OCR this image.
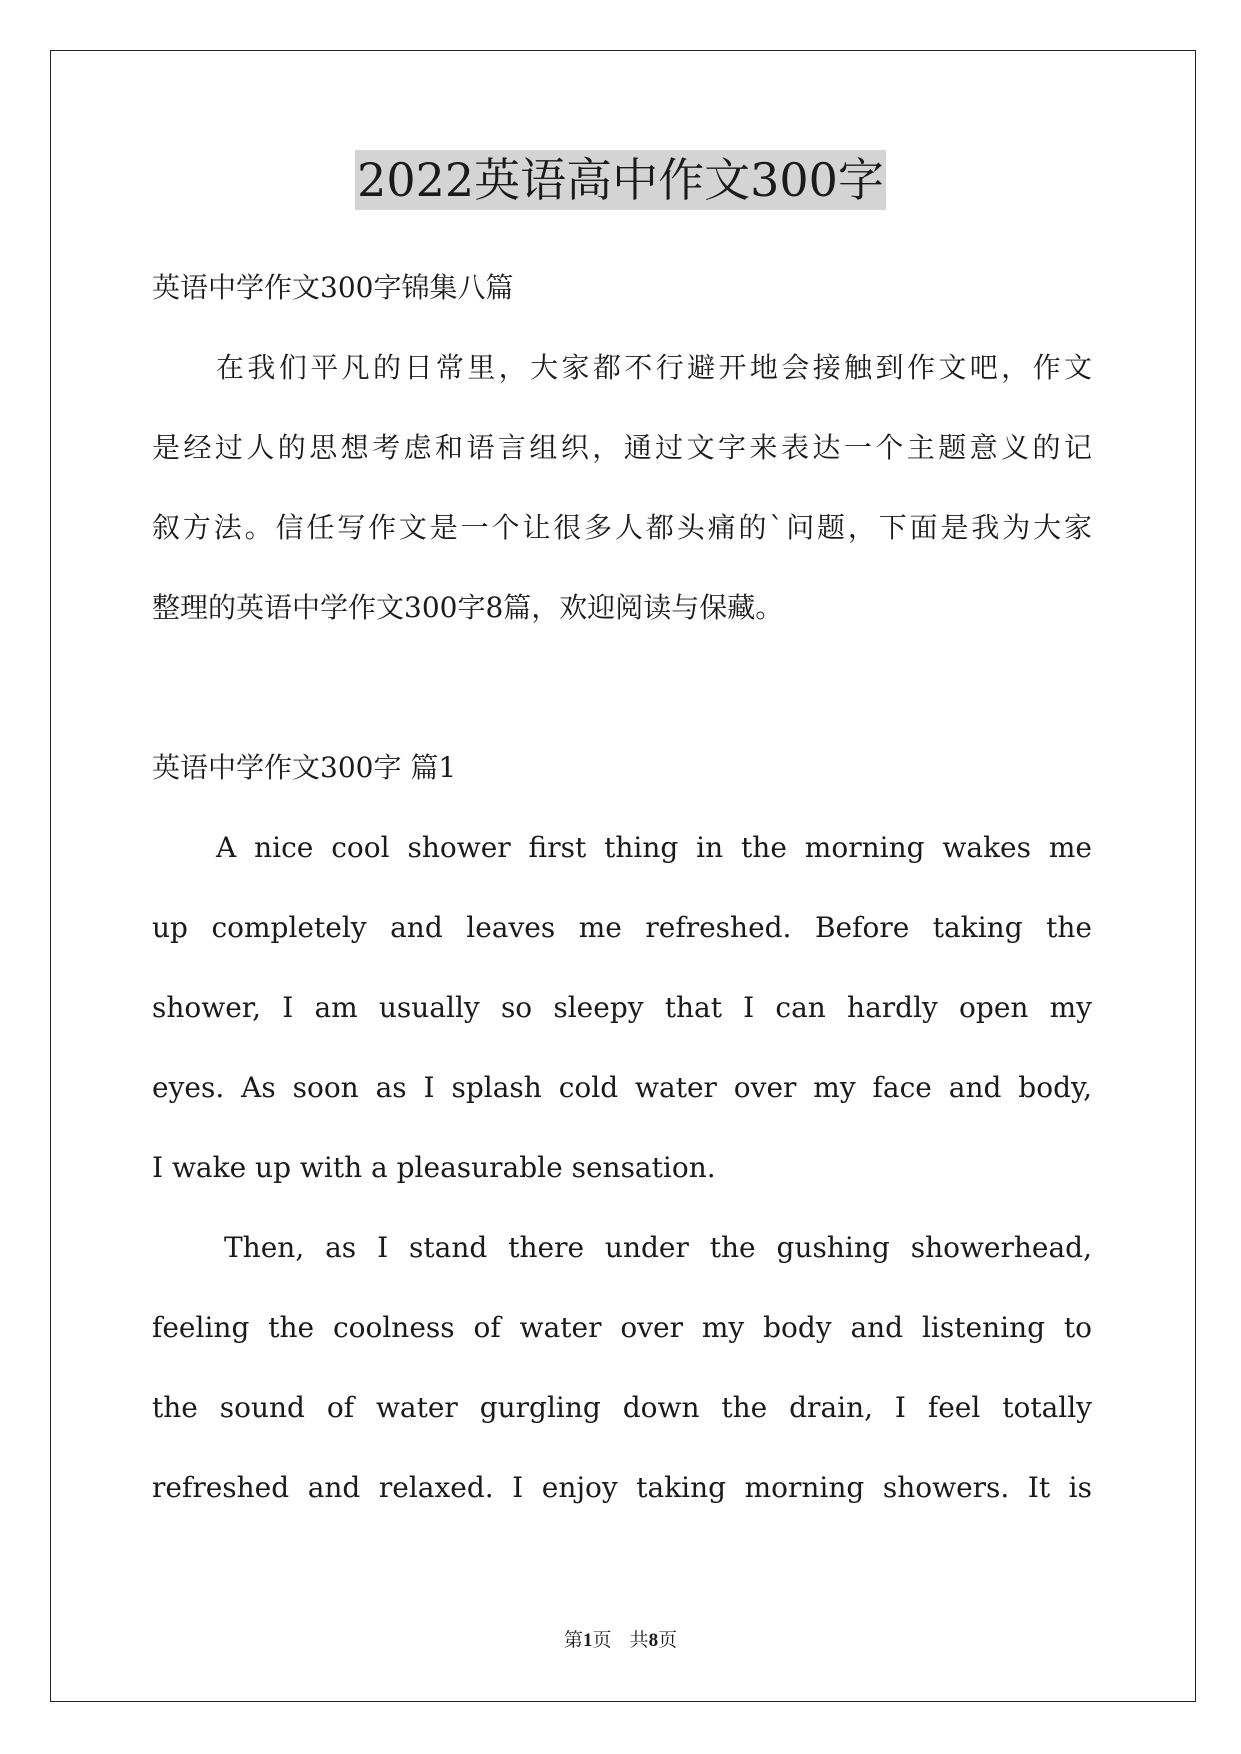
2022英语高中作文300字
英语中学作文300字锦集八篇
在我们平凡的日常里，大家都不行避开地会接触到作文吧，作文
是经过人的思想考虑和语言组织，通过文字来表达一个主题意义的记
叙方法。信任写作文是一个让很多人都头痛的`问题，下面是我为大家
整理的英语中学作文300字8篇，欢迎阅读与保藏。
英语中学作文300字 篇1
A nice cool shower first thing in the morning wakes me
up completely and leaves me refreshed. Before taking the
shower, I am usually so sleepy that I can hardly open my
eyes. As soon as I splash cold water over my face and body,
I wake up with a pleasurable sensation.
Then, as I stand there under the gushing showerhead,
feeling the coolness of water over my body and listening to
the sound of water gurgling down the drain, I feel totally
refreshed and relaxed. I enjoy taking morning showers. It is
第1页   共8页
